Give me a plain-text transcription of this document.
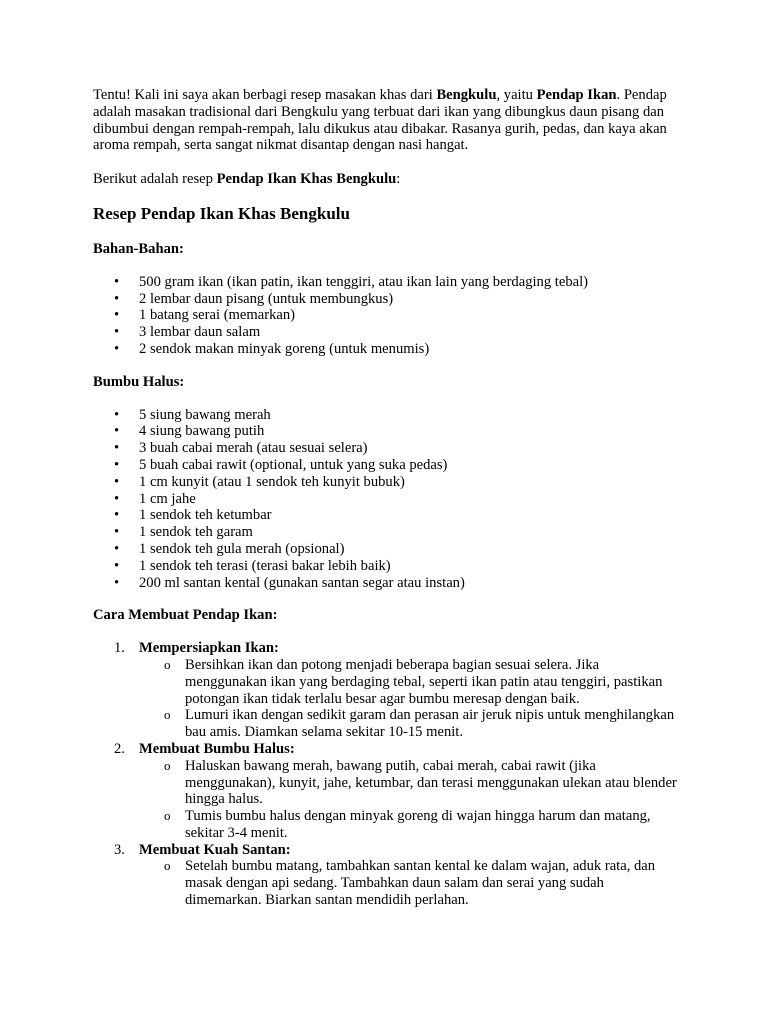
Tentu! Kali ini saya akan berbagi resep masakan khas dari Bengkulu, yaitu Pendap Ikan. Pendap adalah masakan tradisional dari Bengkulu yang terbuat dari ikan yang dibungkus daun pisang dan dibumbui dengan rempah-rempah, lalu dikukus atau dibakar. Rasanya gurih, pedas, dan kaya akan aroma rempah, serta sangat nikmat disantap dengan nasi hangat.

Berikut adalah resep Pendap Ikan Khas Bengkulu:

Resep Pendap Ikan Khas Bengkulu

Bahan-Bahan:

• 500 gram ikan (ikan patin, ikan tenggiri, atau ikan lain yang berdaging tebal)
• 2 lembar daun pisang (untuk membungkus)
• 1 batang serai (memarkan)
• 3 lembar daun salam
• 2 sendok makan minyak goreng (untuk menumis)

Bumbu Halus:

• 5 siung bawang merah
• 4 siung bawang putih
• 3 buah cabai merah (atau sesuai selera)
• 5 buah cabai rawit (optional, untuk yang suka pedas)
• 1 cm kunyit (atau 1 sendok teh kunyit bubuk)
• 1 cm jahe
• 1 sendok teh ketumbar
• 1 sendok teh garam
• 1 sendok teh gula merah (opsional)
• 1 sendok teh terasi (terasi bakar lebih baik)
• 200 ml santan kental (gunakan santan segar atau instan)

Cara Membuat Pendap Ikan:

1. Mempersiapkan Ikan:
o Bersihkan ikan dan potong menjadi beberapa bagian sesuai selera. Jika menggunakan ikan yang berdaging tebal, seperti ikan patin atau tenggiri, pastikan potongan ikan tidak terlalu besar agar bumbu meresap dengan baik.
o Lumuri ikan dengan sedikit garam dan perasan air jeruk nipis untuk menghilangkan bau amis. Diamkan selama sekitar 10-15 menit.
2. Membuat Bumbu Halus:
o Haluskan bawang merah, bawang putih, cabai merah, cabai rawit (jika menggunakan), kunyit, jahe, ketumbar, dan terasi menggunakan ulekan atau blender hingga halus.
o Tumis bumbu halus dengan minyak goreng di wajan hingga harum dan matang, sekitar 3-4 menit.
3. Membuat Kuah Santan:
o Setelah bumbu matang, tambahkan santan kental ke dalam wajan, aduk rata, dan masak dengan api sedang. Tambahkan daun salam dan serai yang sudah dimemarkan. Biarkan santan mendidih perlahan.
